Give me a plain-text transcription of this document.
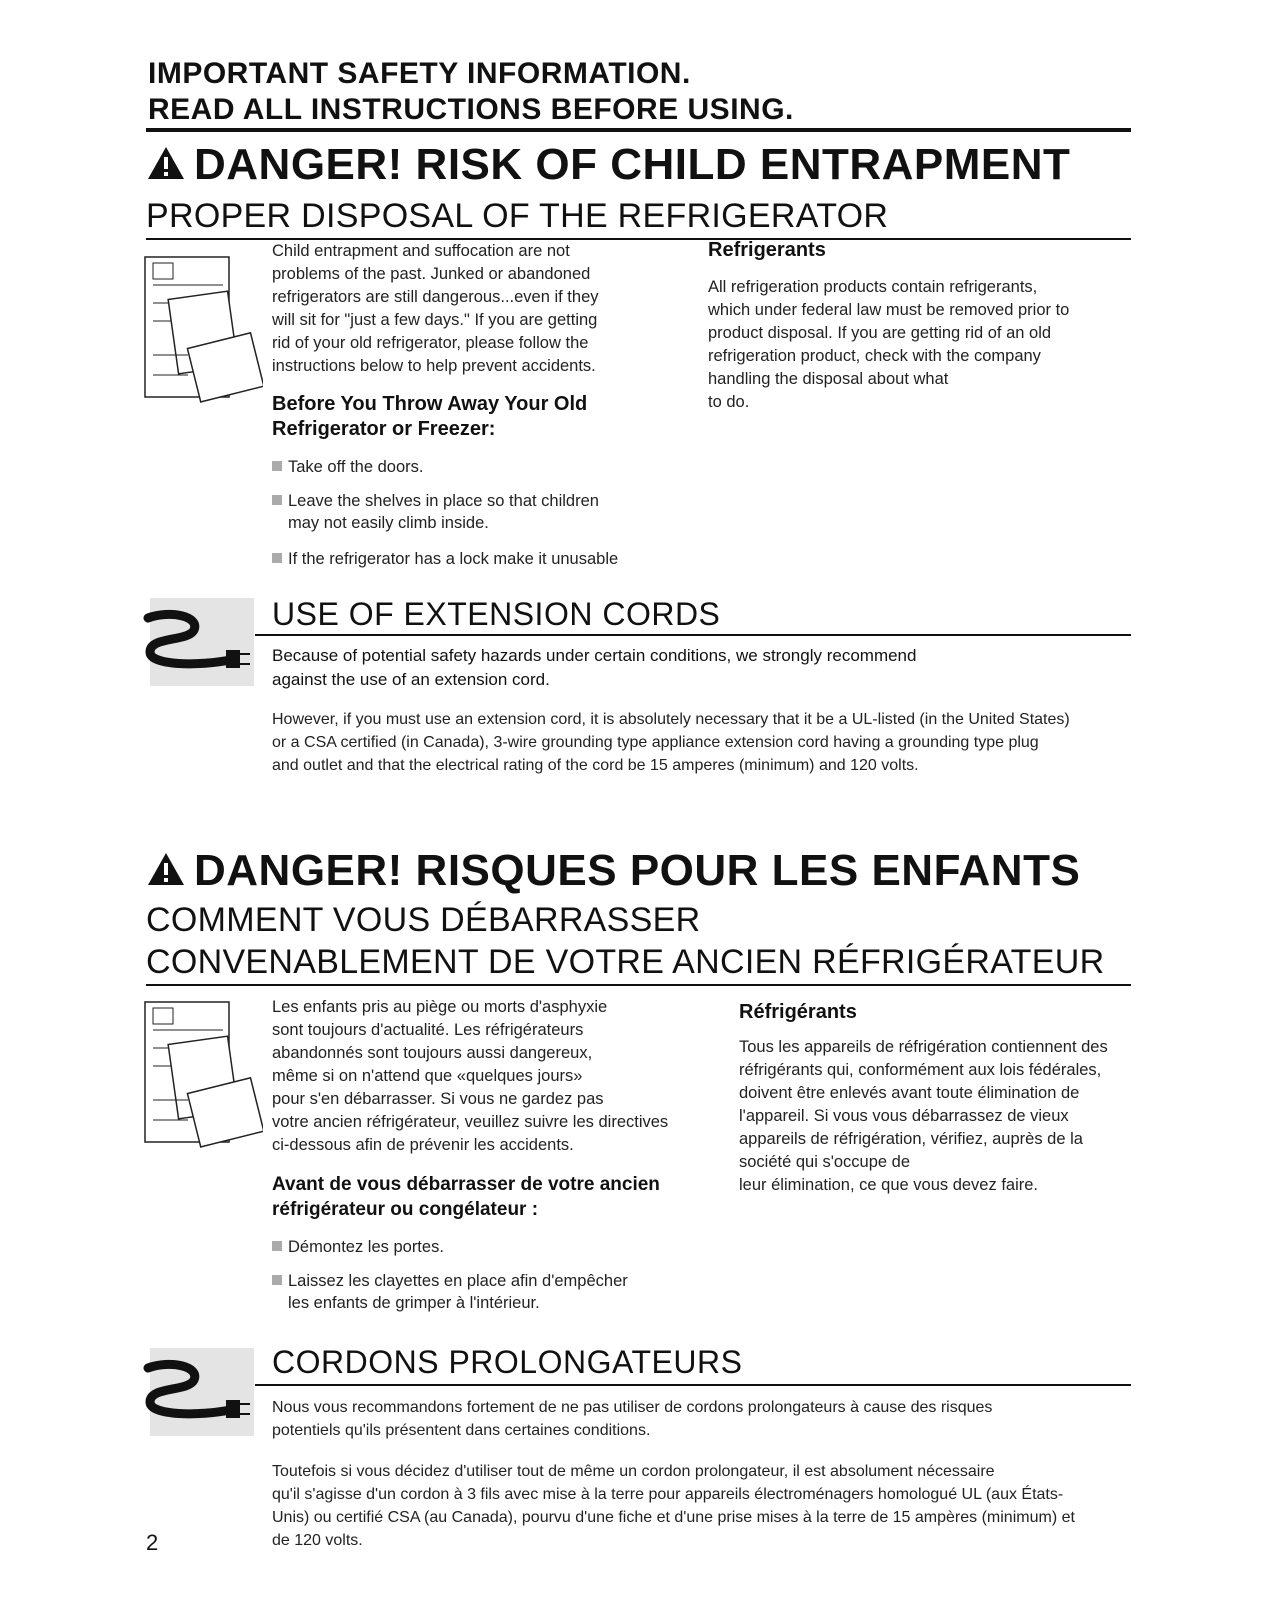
IMPORTANT SAFETY INFORMATION.
READ ALL INSTRUCTIONS BEFORE USING.
DANGER! RISK OF CHILD ENTRAPMENT
PROPER DISPOSAL OF THE REFRIGERATOR
Child entrapment and suffocation are not
problems of the past. Junked or abandoned
refrigerators are still dangerous...even if they
will sit for "just a few days." If you are getting
rid of your old refrigerator, please follow the
instructions below to help prevent accidents.
Before You Throw Away Your Old
Refrigerator or Freezer:
Take off the doors.
Leave the shelves in place so that children
may not easily climb inside.
If the refrigerator has a lock make it unusable
Refrigerants
All refrigeration products contain refrigerants,
which under federal law must be removed prior to
product disposal. If you are getting rid of an old
refrigeration product, check with the company
handling the disposal about what
to do.
USE OF EXTENSION CORDS
Because of potential safety hazards under certain conditions, we strongly recommend
against the use of an extension cord.
However, if you must use an extension cord, it is absolutely necessary that it be a UL-listed (in the United States)
or a CSA certified (in Canada), 3-wire grounding type appliance extension cord having a grounding type plug
and outlet and that the electrical rating of the cord be 15 amperes (minimum) and 120 volts.
DANGER! RISQUES POUR LES ENFANTS
COMMENT VOUS DÉBARRASSER
CONVENABLEMENT DE VOTRE ANCIEN RÉFRIGÉRATEUR
Les enfants pris au piège ou morts d'asphyxie
sont toujours d'actualité. Les réfrigérateurs
abandonnés sont toujours aussi dangereux,
même si on n'attend que «quelques jours»
pour s'en débarrasser. Si vous ne gardez pas
votre ancien réfrigérateur, veuillez suivre les directives
ci-dessous afin de prévenir les accidents.
Avant de vous débarrasser de votre ancien
réfrigérateur ou congélateur :
Démontez les portes.
Laissez les clayettes en place afin d'empêcher
les enfants de grimper à l'intérieur.
Réfrigérants
Tous les appareils de réfrigération contiennent des
réfrigérants qui, conformément aux lois fédérales,
doivent être enlevés avant toute élimination de
l'appareil. Si vous vous débarrassez de vieux
appareils de réfrigération, vérifiez, auprès de la
société qui s'occupe de
leur élimination, ce que vous devez faire.
CORDONS PROLONGATEURS
Nous vous recommandons fortement de ne pas utiliser de cordons prolongateurs à cause des risques
potentiels qu'ils présentent dans certaines conditions.
Toutefois si vous décidez d'utiliser tout de même un cordon prolongateur, il est absolument nécessaire
qu'il s'agisse d'un cordon à 3 fils avec mise à la terre pour appareils électroménagers homologué UL (aux États-
Unis) ou certifié CSA (au Canada), pourvu d'une fiche et d'une prise mises à la terre de 15 ampères (minimum) et
de 120 volts.
2
